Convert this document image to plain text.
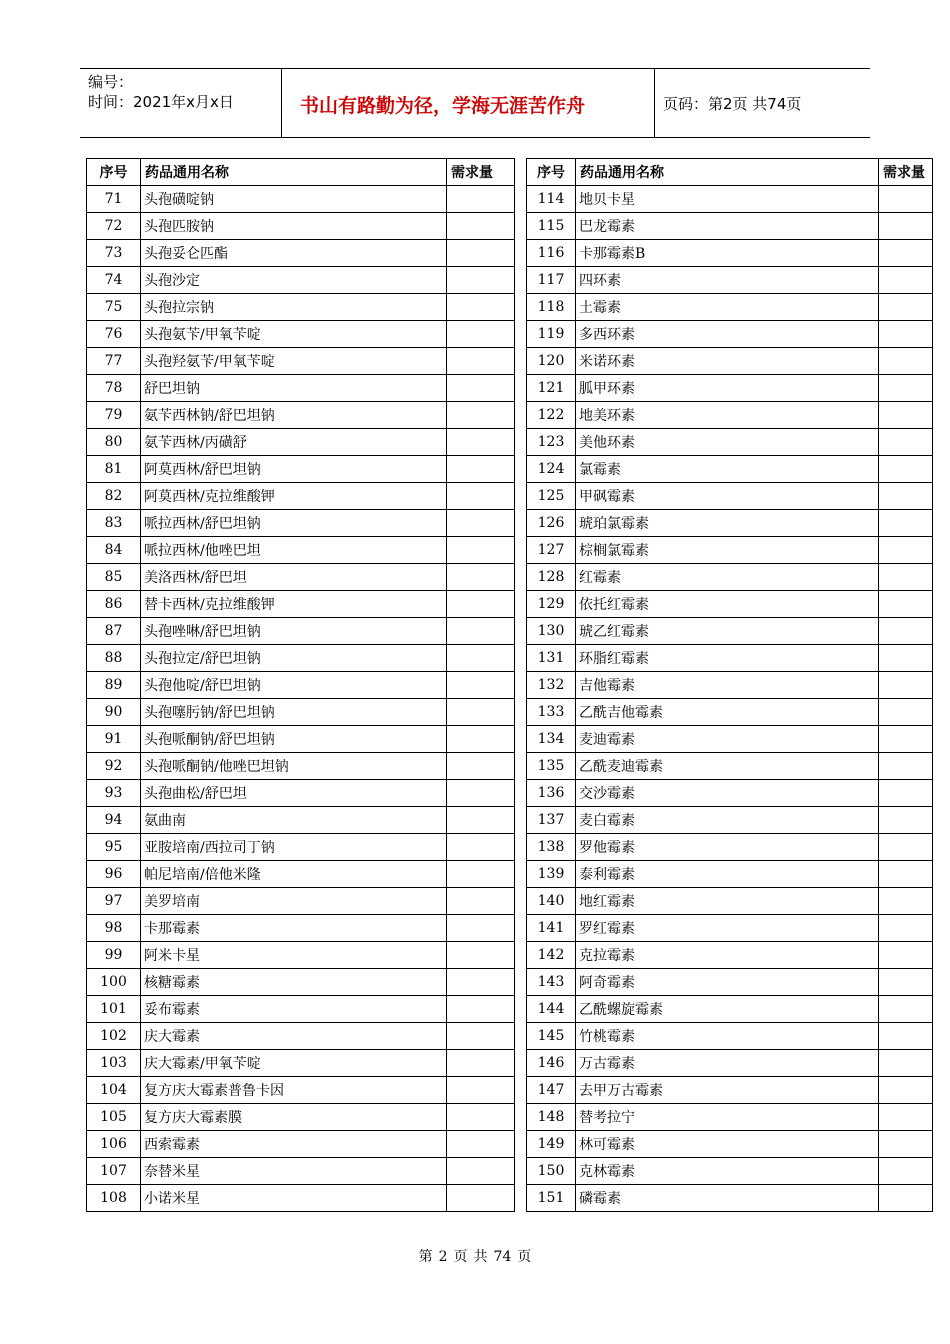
编号：
时间：2021年x月x日	书山有路勤为径，学海无涯苦作舟	页码：第2页 共74页
序号	药品通用名称	需求量
71	头孢磺啶钠	
72	头孢匹胺钠	
73	头孢妥仑匹酯	
74	头孢沙定	
75	头孢拉宗钠	
76	头孢氨苄/甲氧苄啶	
77	头孢羟氨苄/甲氧苄啶	
78	舒巴坦钠	
79	氨苄西林钠/舒巴坦钠	
80	氨苄西林/丙磺舒	
81	阿莫西林/舒巴坦钠	
82	阿莫西林/克拉维酸钾	
83	哌拉西林/舒巴坦钠	
84	哌拉西林/他唑巴坦	
85	美洛西林/舒巴坦	
86	替卡西林/克拉维酸钾	
87	头孢唑啉/舒巴坦钠	
88	头孢拉定/舒巴坦钠	
89	头孢他啶/舒巴坦钠	
90	头孢噻肟钠/舒巴坦钠	
91	头孢哌酮钠/舒巴坦钠	
92	头孢哌酮钠/他唑巴坦钠	
93	头孢曲松/舒巴坦	
94	氨曲南	
95	亚胺培南/西拉司丁钠	
96	帕尼培南/倍他米隆	
97	美罗培南	
98	卡那霉素	
99	阿米卡星	
100	核糖霉素	
101	妥布霉素	
102	庆大霉素	
103	庆大霉素/甲氧苄啶	
104	复方庆大霉素普鲁卡因	
105	复方庆大霉素膜	
106	西索霉素	
107	奈替米星	
108	小诺米星	
序号	药品通用名称	需求量
114	地贝卡星	
115	巴龙霉素	
116	卡那霉素B	
117	四环素	
118	土霉素	
119	多西环素	
120	米诺环素	
121	胍甲环素	
122	地美环素	
123	美他环素	
124	氯霉素	
125	甲砜霉素	
126	琥珀氯霉素	
127	棕榈氯霉素	
128	红霉素	
129	依托红霉素	
130	琥乙红霉素	
131	环脂红霉素	
132	吉他霉素	
133	乙酰吉他霉素	
134	麦迪霉素	
135	乙酰麦迪霉素	
136	交沙霉素	
137	麦白霉素	
138	罗他霉素	
139	泰利霉素	
140	地红霉素	
141	罗红霉素	
142	克拉霉素	
143	阿奇霉素	
144	乙酰螺旋霉素	
145	竹桃霉素	
146	万古霉素	
147	去甲万古霉素	
148	替考拉宁	
149	林可霉素	
150	克林霉素	
151	磷霉素	
第 2 页 共 74 页
